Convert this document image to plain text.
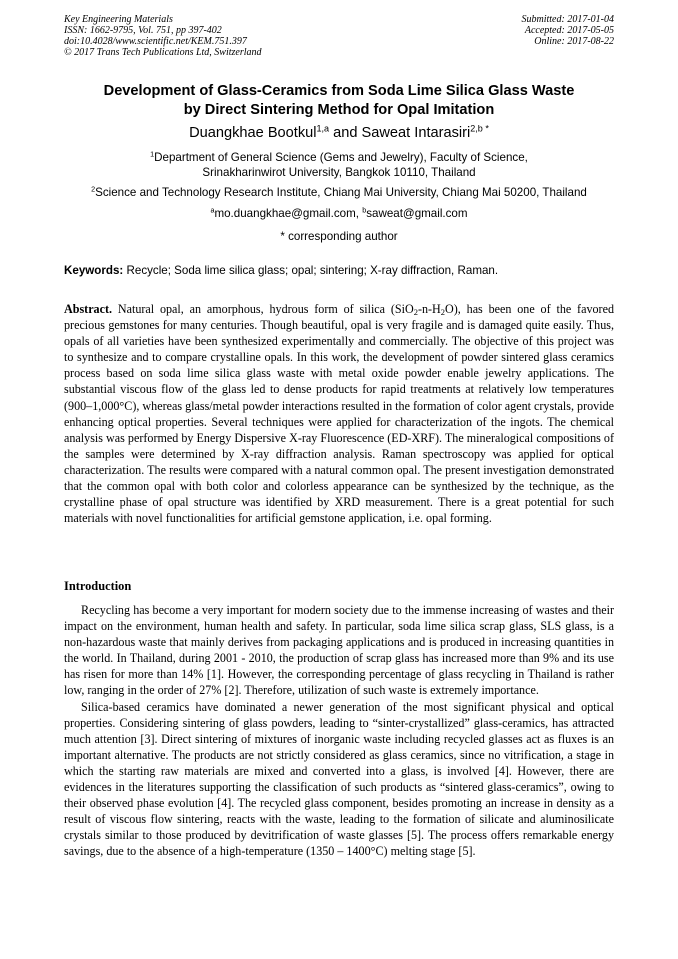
Key Engineering Materials
ISSN: 1662-9795, Vol. 751, pp 397-402
doi:10.4028/www.scientific.net/KEM.751.397
© 2017 Trans Tech Publications Ltd, Switzerland
Submitted: 2017-01-04
Accepted: 2017-05-05
Online: 2017-08-22
Development of Glass-Ceramics from Soda Lime Silica Glass Waste
by Direct Sintering Method for Opal Imitation
Duangkhae Bootkul$^{1,a}$ and Saweat Intarasiri$^{2,b *}$
$^1$Department of General Science (Gems and Jewelry), Faculty of Science,
Srinakharinwirot University, Bangkok 10110, Thailand
$^2$Science and Technology Research Institute, Chiang Mai University, Chiang Mai 50200, Thailand
$^a$mo.duangkhae@gmail.com, $^b$saweat@gmail.com
* corresponding author
Keywords: Recycle; Soda lime silica glass; opal; sintering; X-ray diffraction, Raman.

Abstract. Natural opal, an amorphous, hydrous form of silica $(SiO_2-n-H_2O)$, has been one of the favored precious gemstones for many centuries. Though beautiful, opal is very fragile and is damaged quite easily. Thus, opals of all varieties have been synthesized experimentally and commercially. The objective of this project was to synthesize and to compare crystalline opals. In this work, the development of powder sintered glass ceramics process based on soda lime silica glass waste with metal oxide powder enable jewelry applications. The substantial viscous flow of the glass led to dense products for rapid treatments at relatively low temperatures (900–1,000°C), whereas glass/metal powder interactions resulted in the formation of color agent crystals, provide enhancing optical properties. Several techniques were applied for characterization of the ingots. The chemical analysis was performed by Energy Dispersive X-ray Fluorescence (ED-XRF). The mineralogical compositions of the samples were determined by X-ray diffraction analysis. Raman spectroscopy was applied for optical characterization. The results were compared with a natural common opal. The present investigation demonstrated that the common opal with both color and colorless appearance can be synthesized by the technique, as the crystalline phase of opal structure was identified by XRD measurement. There is a great potential for such materials with novel functionalities for artificial gemstone application, i.e. opal forming.

Introduction

Recycling has become a very important for modern society due to the immense increasing of wastes and their impact on the environment, human health and safety. In particular, soda lime silica scrap glass, SLS glass, is a non-hazardous waste that mainly derives from packaging applications and is produced in increasing quantities in the world. In Thailand, during 2001 - 2010, the production of scrap glass has increased more than 9% and its use has risen for more than 14% [1]. However, the corresponding percentage of glass recycling in Thailand is rather low, ranging in the order of 27% [2]. Therefore, utilization of such waste is extremely importance.

Silica-based ceramics have dominated a newer generation of the most significant physical and optical properties. Considering sintering of glass powders, leading to “sinter-crystallized” glass-ceramics, has attracted much attention [3]. Direct sintering of mixtures of inorganic waste including recycled glasses act as fluxes is an important alternative. The products are not strictly considered as glass ceramics, since no vitrification, a stage in which the starting raw materials are mixed and converted into a glass, is involved [4]. However, there are evidences in the literatures supporting the classification of such products as “sintered glass-ceramics”, owing to their observed phase evolution [4]. The recycled glass component, besides promoting an increase in density as a result of viscous flow sintering, reacts with the waste, leading to the formation of silicate and aluminosilicate crystals similar to those produced by devitrification of waste glasses [5]. The process offers remarkable energy savings, due to the absence of a high-temperature (1350 – 1400°C) melting stage [5].
